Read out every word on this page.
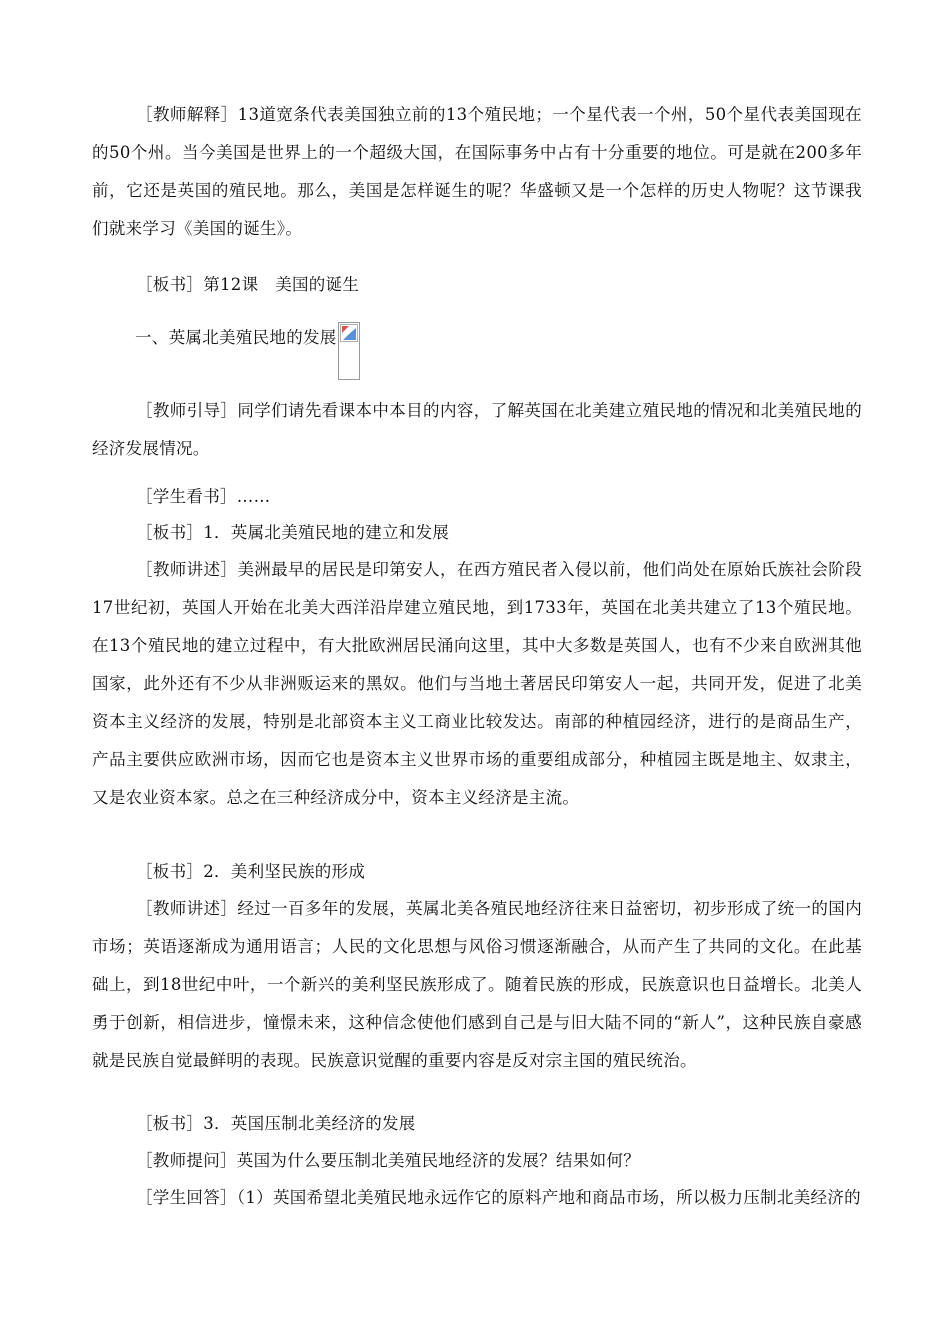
［教师解释］13道宽条代表美国独立前的13个殖民地；一个星代表一个州，50个星代表美国现在的50个州。当今美国是世界上的一个超级大国，在国际事务中占有十分重要的地位。可是就在200多年前，它还是英国的殖民地。那么，美国是怎样诞生的呢？华盛顿又是一个怎样的历史人物呢？这节课我们就来学习《美国的诞生》。
［板书］第12课　美国的诞生
一、英属北美殖民地的发展
［教师引导］同学们请先看课本中本目的内容，了解英国在北美建立殖民地的情况和北美殖民地的经济发展情况。
［学生看书］……
［板书］1．英属北美殖民地的建立和发展
［教师讲述］美洲最早的居民是印第安人，在西方殖民者入侵以前，他们尚处在原始氏族社会阶段17世纪初，英国人开始在北美大西洋沿岸建立殖民地，到1733年，英国在北美共建立了13个殖民地。在13个殖民地的建立过程中，有大批欧洲居民涌向这里，其中大多数是英国人，也有不少来自欧洲其他国家，此外还有不少从非洲贩运来的黑奴。他们与当地土著居民印第安人一起，共同开发，促进了北美资本主义经济的发展，特别是北部资本主义工商业比较发达。南部的种植园经济，进行的是商品生产，产品主要供应欧洲市场，因而它也是资本主义世界市场的重要组成部分，种植园主既是地主、奴隶主，又是农业资本家。总之在三种经济成分中，资本主义经济是主流。
［板书］2．美利坚民族的形成
［教师讲述］经过一百多年的发展，英属北美各殖民地经济往来日益密切，初步形成了统一的国内市场；英语逐渐成为通用语言；人民的文化思想与风俗习惯逐渐融合，从而产生了共同的文化。在此基础上，到18世纪中叶，一个新兴的美利坚民族形成了。随着民族的形成，民族意识也日益增长。北美人勇于创新，相信进步，憧憬未来，这种信念使他们感到自己是与旧大陆不同的“新人”，这种民族自豪感就是民族自觉最鲜明的表现。民族意识觉醒的重要内容是反对宗主国的殖民统治。
［板书］3．英国压制北美经济的发展
［教师提问］英国为什么要压制北美殖民地经济的发展？结果如何？
［学生回答］（1）英国希望北美殖民地永远作它的原料产地和商品市场，所以极力压制北美经济的
